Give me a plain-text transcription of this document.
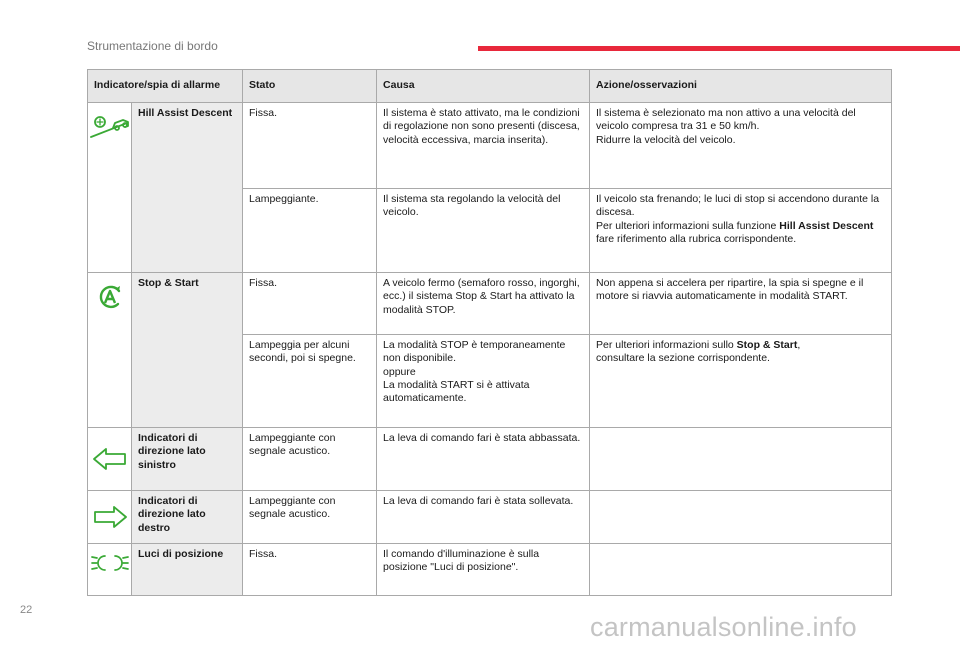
Strumentazione di bordo
Indicatore/spia di allarme		Stato	Causa	Azione/osservazioni

	Hill Assist Descent	Fissa.	Il sistema è stato attivato, ma le condizioni di regolazione non sono presenti (discesa, velocità eccessiva, marcia inserita).	Il sistema è selezionato ma non attivo a una velocità del veicolo compresa tra 31 e 50 km/h.
Ridurre la velocità del veicolo.
		Lampeggiante.	Il sistema sta regolando la velocità del veicolo.	Il veicolo sta frenando; le luci di stop si accendono durante la discesa.
Per ulteriori informazioni sulla funzione Hill Assist Descent fare riferimento alla rubrica corrispondente.

	Stop & Start	Fissa.	A veicolo fermo (semaforo rosso, ingorghi, ecc.) il sistema Stop & Start ha attivato la modalità STOP.	Non appena si accelera per ripartire, la spia si spegne e il motore si riavvia automaticamente in modalità START.
		Lampeggia per alcuni secondi, poi si spegne.	La modalità STOP è temporaneamente non disponibile.
oppure
La modalità START si è attivata automaticamente.	Per ulteriori informazioni sullo Stop & Start,
consultare la sezione corrispondente.

	Indicatori di direzione lato sinistro	Lampeggiante con segnale acustico.	La leva di comando fari è stata abbassata.	

	Indicatori di direzione lato destro	Lampeggiante con segnale acustico.	La leva di comando fari è stata sollevata.	

	Luci di posizione	Fissa.	Il comando d'illuminazione è sulla posizione "Luci di posizione".	
22
carmanualsonline.info
